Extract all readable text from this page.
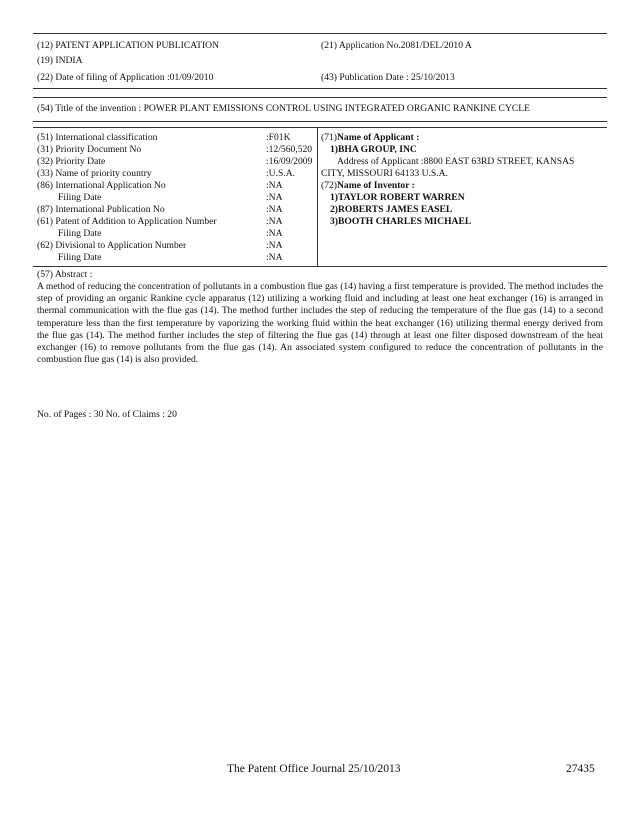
(12) PATENT APPLICATION PUBLICATION	(21) Application No.2081/DEL/2010 A
(19) INDIA
(22) Date of filing of Application :01/09/2010	(43) Publication Date : 25/10/2013
(54) Title of the invention : POWER PLANT EMISSIONS CONTROL USING INTEGRATED ORGANIC RANKINE CYCLE
(51) International classification	:F01K
(31) Priority Document No	:12/560,520
(32) Priority Date	:16/09/2009
(33) Name of priority country	:U.S.A.
(86) International Application No	:NA
Filing Date	:NA
(87) International Publication No	:NA
(61) Patent of Addition to Application Number	:NA
Filing Date	:NA
(62) Divisional to Application Number	:NA
Filing Date	:NA
(71)Name of Applicant :
1)BHA GROUP, INC
Address of Applicant :8800 EAST 63RD STREET, KANSAS
CITY, MISSOURI 64133 U.S.A.
(72)Name of Inventor :
1)TAYLOR ROBERT WARREN
2)ROBERTS JAMES EASEL
3)BOOTH CHARLES MICHAEL
(57) Abstract :
A method of reducing the concentration of pollutants in a combustion flue gas (14) having a first temperature is provided. The method includes the step of providing an organic Rankine cycle apparatus (12) utilizing a working fluid and including at least one heat exchanger (16) is arranged in thermal communication with the flue gas (14). The method further includes the step of reducing the temperature of the flue gas (14) to a second temperature less than the first temperature by vaporizing the working fluid within the heat exchanger (16) utilizing thermal energy derived from the flue gas (14). The method further includes the step of filtering the flue gas (14) through at least one filter disposed downstream of the heat exchanger (16) to remove pollutants from the flue gas (14). An associated system configured to reduce the concentration of pollutants in the combustion flue gas (14) is also provided.
No. of Pages : 30 No. of Claims : 20
The Patent Office Journal 25/10/2013	27435
